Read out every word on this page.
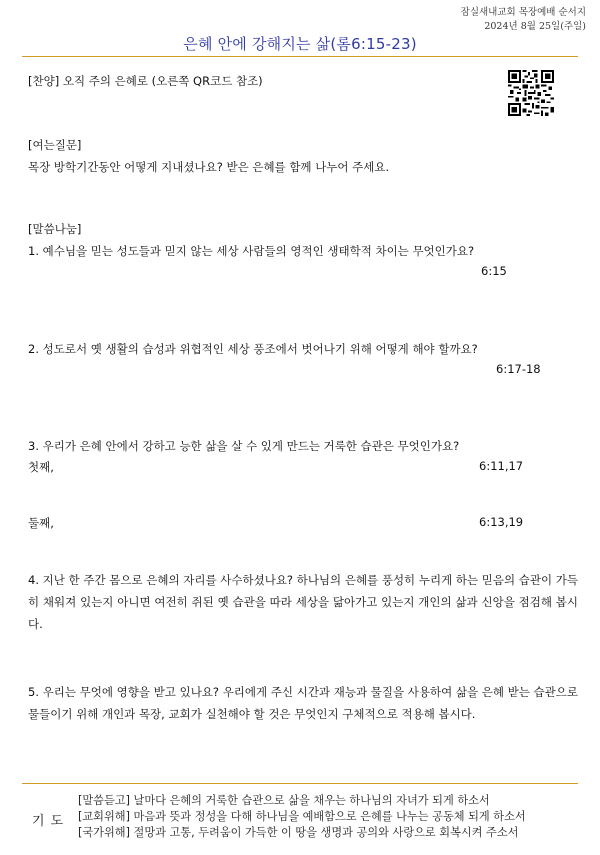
잠실새내교회 목장예배 순서지
2024년 8월 25일(주일)
은혜 안에 강해지는 삶(롬6:15-23)
[찬양] 오직 주의 은혜로 (오른쪽 QR코드 참조)
[여는질문]
목장 방학기간동안 어떻게 지내셨나요? 받은 은혜를 함께 나누어 주세요.
[말씀나눔]
1. 예수님을 믿는 성도들과 믿지 않는 세상 사람들의 영적인 생태학적 차이는 무엇인가요?
6:15
2. 성도로서 옛 생활의 습성과 위협적인 세상 풍조에서 벗어나기 위해 어떻게 해야 할까요?
6:17-18
3. 우리가 은혜 안에서 강하고 능한 삶을 살 수 있게 만드는 거룩한 습관은 무엇인가요?
첫째,	6:11,17
둘째,	6:13,19
4. 지난 한 주간 몸으로 은혜의 자리를 사수하셨나요? 하나님의 은혜를 풍성히 누리게 하는 믿음의 습관이 가득히 채워져 있는지 아니면 여전히 쥐된 옛 습관을 따라 세상을 닮아가고 있는지 개인의 삶과 신앙을 점검해 봅시다.
5. 우리는 무엇에 영향을 받고 있나요? 우리에게 주신 시간과 재능과 물질을 사용하여 삶을 은혜 받는 습관으로 물들이기 위해 개인과 목장, 교회가 실천해야 할 것은 무엇인지 구체적으로 적용해 봅시다.
기도
[말씀듣고] 날마다 은혜의 거룩한 습관으로 삶을 채우는 하나님의 자녀가 되게 하소서
[교회위해] 마음과 뜻과 정성을 다해 하나님을 예배함으로 은혜를 나누는 공동체 되게 하소서
[국가위해] 절망과 고통, 두려움이 가득한 이 땅을 생명과 공의와 사랑으로 회복시켜 주소서
